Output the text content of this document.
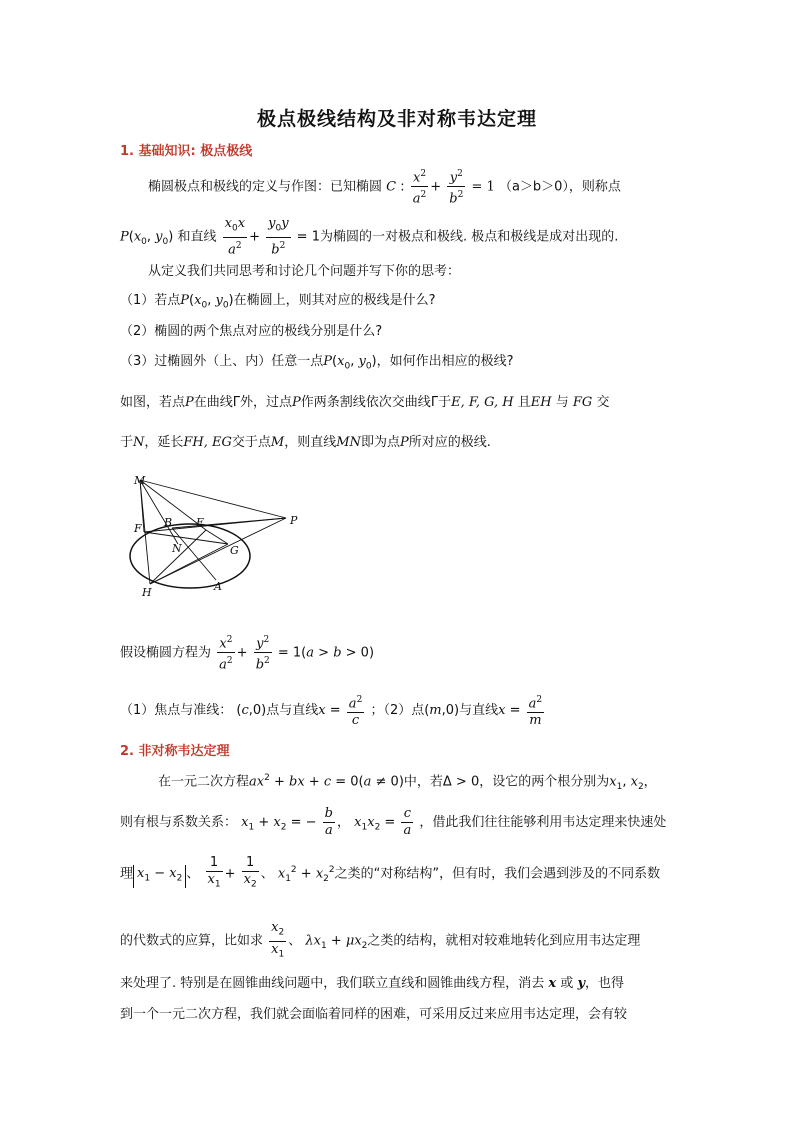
极点极线结构及非对称韦达定理
1. 基础知识: 极点极线
椭圆极点和极线的定义与作图：已知椭圆 C : $\frac{x^2}{a^2} + \frac{y^2}{b^2} = 1$ （a＞b＞0），则称点
$P(x_0$, $y_0$) 和直线 $\frac{x_0x}{a^2} + \frac{y_0y}{b^2} = 1$为椭圆的一对极点和极线. 极点和极线是成对出现的.
从定义我们共同思考和讨论几个问题并写下你的思考：
（1）若点$P(x_0$, $y_0$)在椭圆上，则其对应的极线是什么?
（2）椭圆的两个焦点对应的极线分别是什么?
（3）过椭圆外（上、内）任意一点$P(x_0$, $y_0$)，如何作出相应的极线?
如图，若点P在曲线Γ外，过点P作两条割线依次交曲线Γ于E, F, G, H 且EH 与 FG 交
于N，延长FH, EG交于点M，则直线MN即为点P所对应的极线.
M
F B E	P
N	G
H	A
假设椭圆方程为 $\frac{x^2}{a^2} + \frac{y^2}{b^2} = 1(a > b > 0)$
（1）焦点与准线： (c,0)点与直线$x = \frac{a^2}{c}$ ；（2）点(m,0)与直线$x = \frac{a^2}{m}$
2. 非对称韦达定理
在一元二次方程$ax^2$ + bx + c = 0(a ≠ 0)中，若Δ > 0，设它的两个根分别为$x_1$, $x_2$，
则有根与系数关系： $x_1 + x_2$ = − $\frac{b}{a}$ ， $x_1x_2 = \frac{c}{a}$ ，借此我们往往能够利用韦达定理来快速处
理 $x_1 - x_2$ 、 $\frac{1}{x_1} + \frac{1}{x_2}$ 、 $x_1^2 + x_2^2$之类的“对称结构”，但有时，我们会遇到涉及的不同系数
的代数式的应算，比如求 $\frac{x_2}{x_1}$ 、 $\lambda x_1 + \mu x_2$之类的结构，就相对较难地转化到应用韦达定理
来处理了. 特别是在圆锥曲线问题中，我们联立直线和圆锥曲线方程，消去 x 或 y，也得
到一个一元二次方程，我们就会面临着同样的困难，可采用反过来应用韦达定理，会有较
